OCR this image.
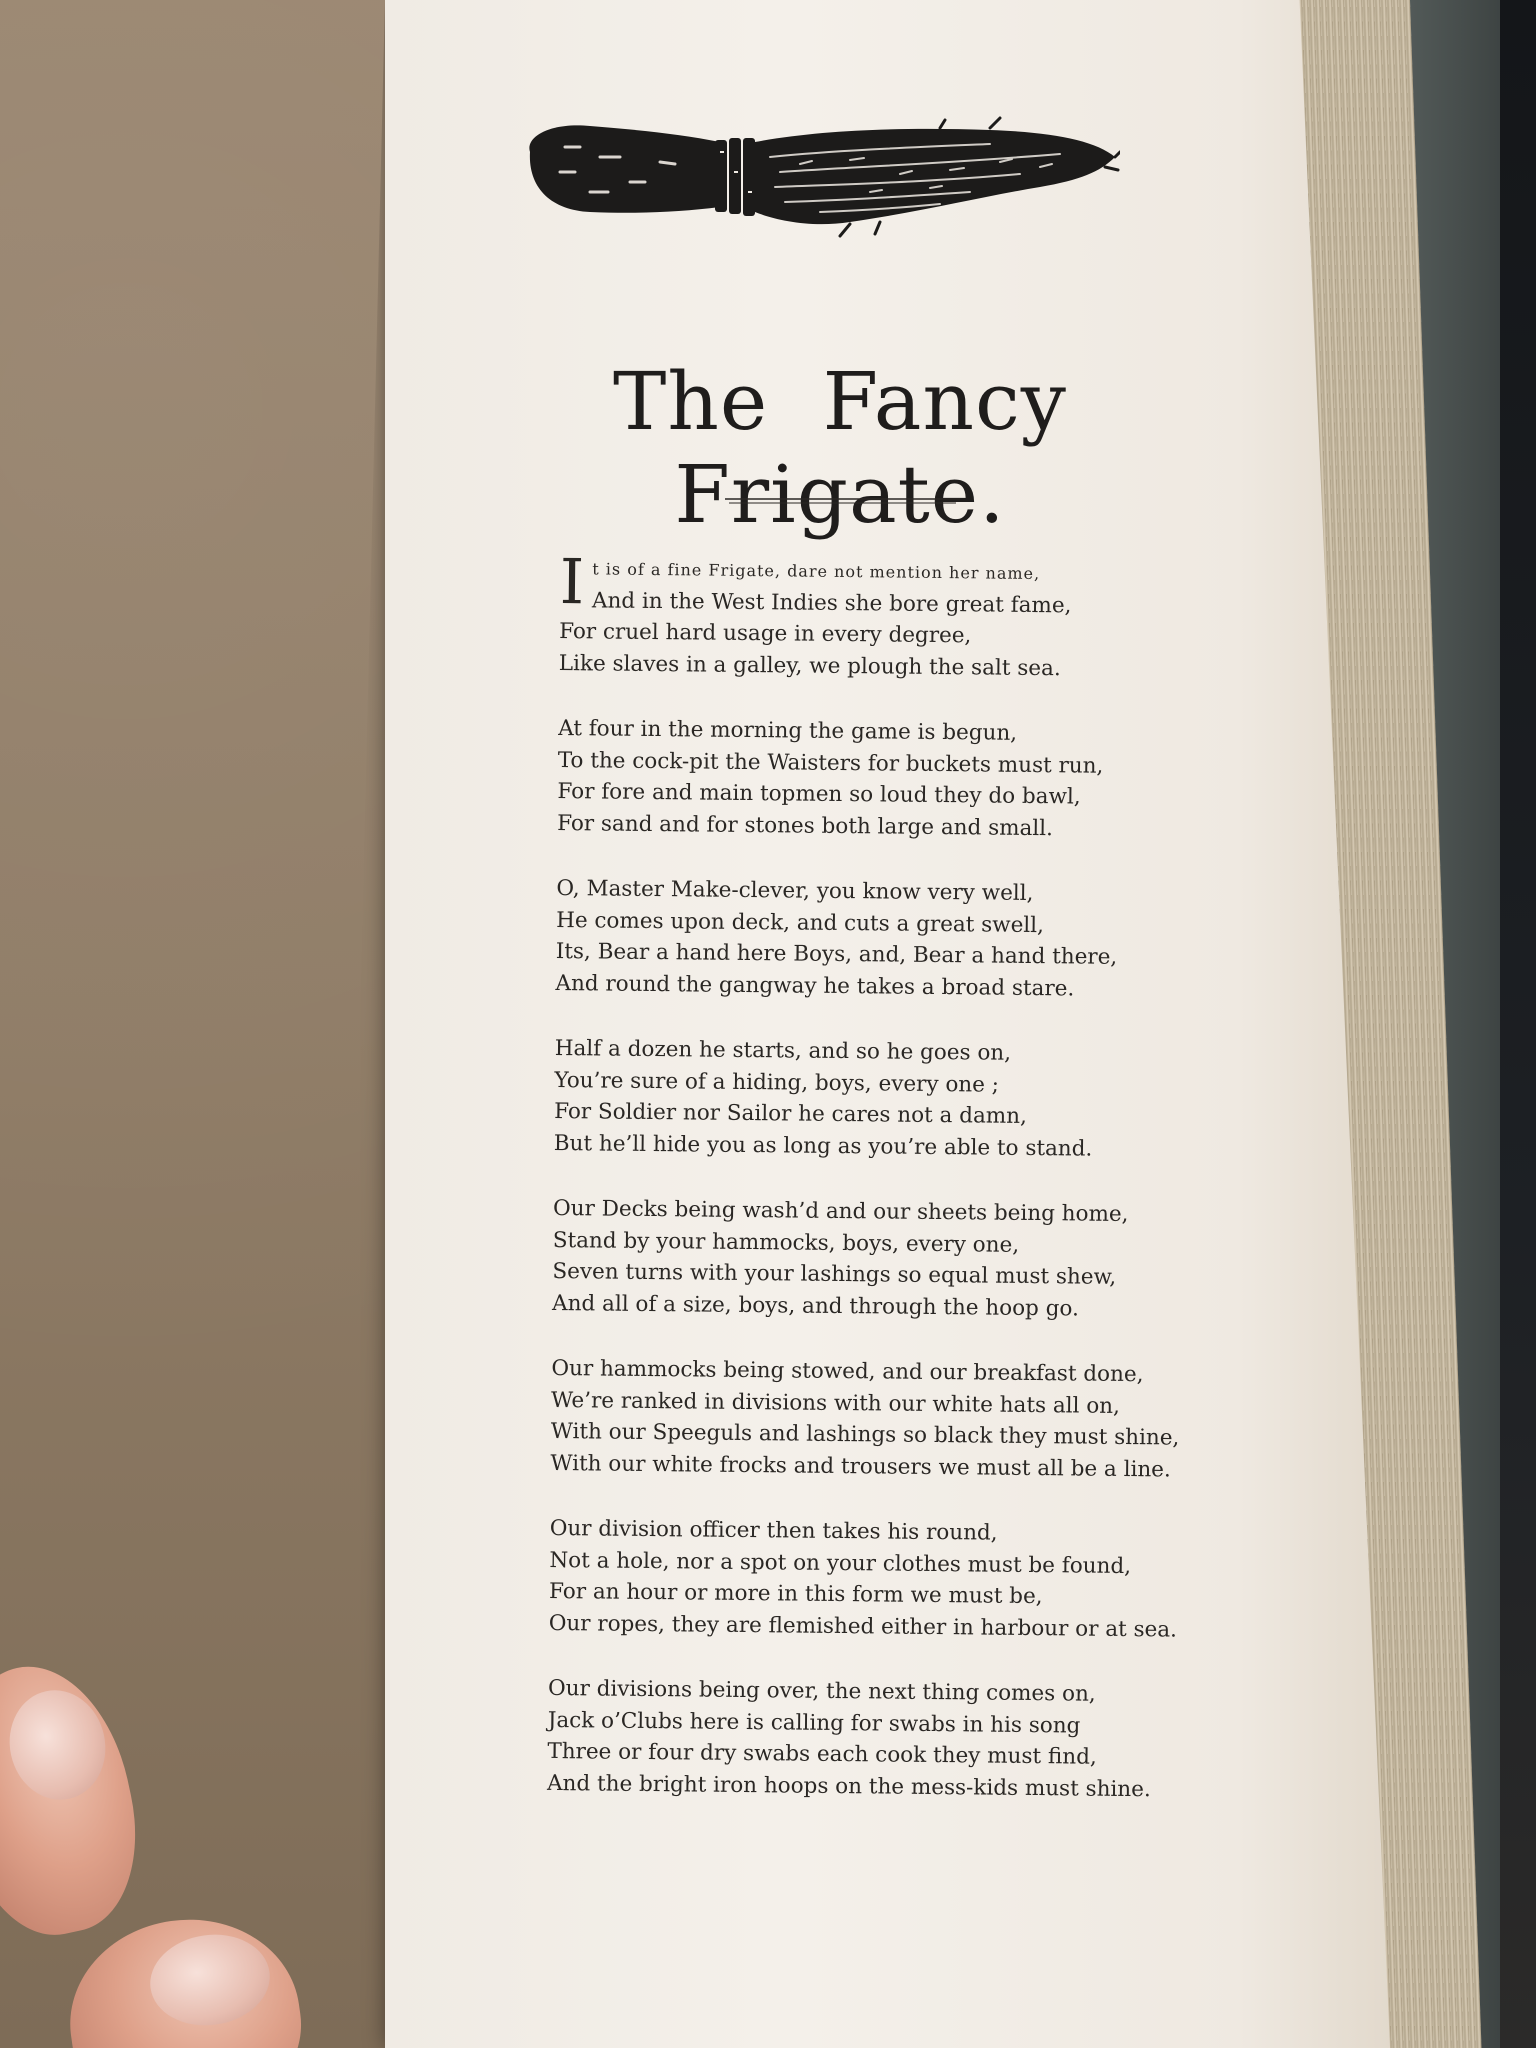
The Fancy Frigate.
I t is of a fine Frigate, dare not mention her name,
And in the West Indies she bore great fame,
For cruel hard usage in every degree,
Like slaves in a galley, we plough the salt sea.
At four in the morning the game is begun,
To the cock-pit the Waisters for buckets must run,
For fore and main topmen so loud they do bawl,
For sand and for stones both large and small.
O, Master Make-clever, you know very well,
He comes upon deck, and cuts a great swell,
Its, Bear a hand here Boys, and, Bear a hand there,
And round the gangway he takes a broad stare.
Half a dozen he starts, and so he goes on,
You’re sure of a hiding, boys, every one ;
For Soldier nor Sailor he cares not a damn,
But he’ll hide you as long as you’re able to stand.
Our Decks being wash’d and our sheets being home,
Stand by your hammocks, boys, every one,
Seven turns with your lashings so equal must shew,
And all of a size, boys, and through the hoop go.
Our hammocks being stowed, and our breakfast done,
We’re ranked in divisions with our white hats all on,
With our Speeguls and lashings so black they must shine,
With our white frocks and trousers we must all be a line.
Our division officer then takes his round,
Not a hole, nor a spot on your clothes must be found,
For an hour or more in this form we must be,
Our ropes, they are flemished either in harbour or at sea.
Our divisions being over, the next thing comes on,
Jack o’Clubs here is calling for swabs in his song
Three or four dry swabs each cook they must find,
And the bright iron hoops on the mess-kids must shine.
